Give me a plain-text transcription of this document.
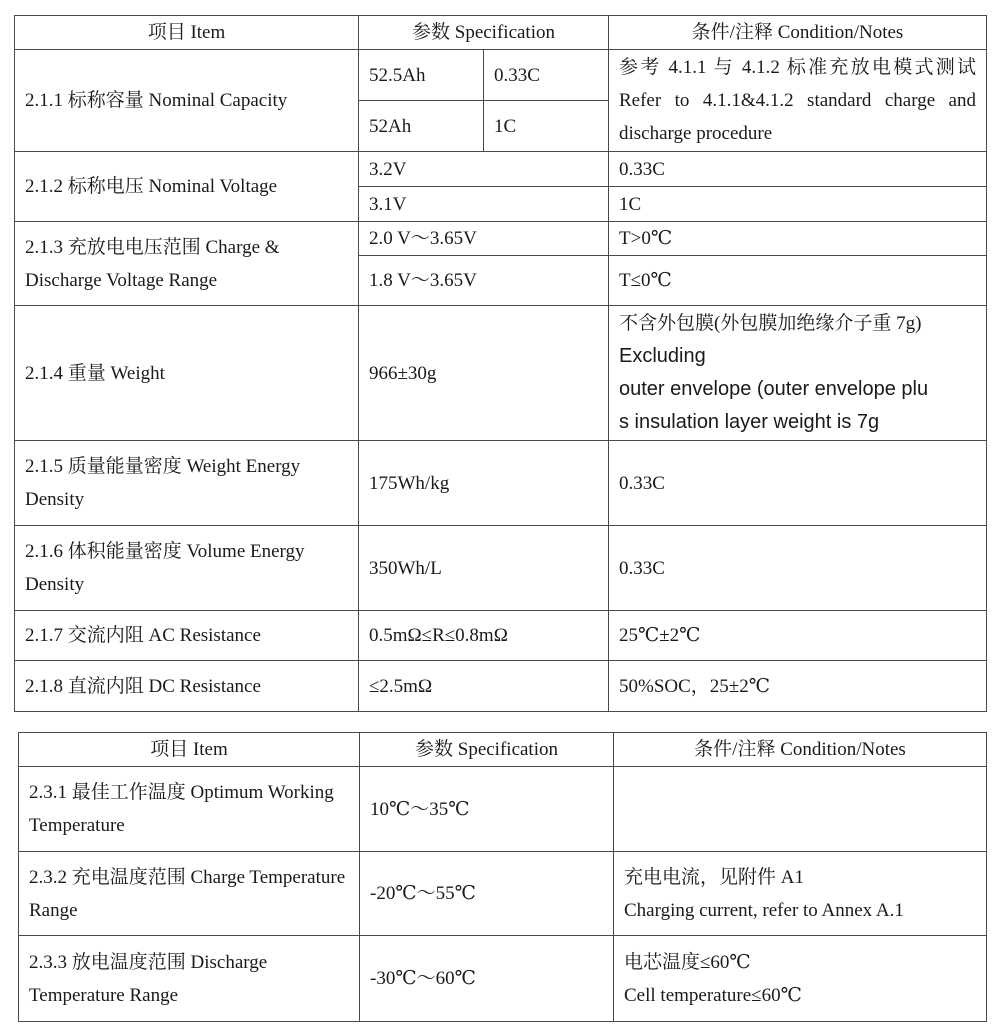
项目 Item	参数 Specification		条件/注释 Condition/Notes
2.1.1 标称容量 Nominal Capacity	52.5Ah	0.33C	参考 4.1.1 与 4.1.2 标准充放电模式测试 Refer to 4.1.1&4.1.2 standard charge and discharge procedure
	52Ah	1C	
2.1.2 标称电压 Nominal Voltage	3.2V		0.33C
	3.1V		1C
2.1.3 充放电电压范围 Charge & Discharge Voltage Range	2.0 V～3.65V		T>0℃
	1.8 V～3.65V		T≤0℃
2.1.4 重量 Weight	966±30g		不含外包膜(外包膜加绝缘介子重 7g)
Excluding
outer envelope (outer envelope plu
s insulation layer weight is 7g

2.1.5 质量能量密度 Weight Energy Density	175Wh/kg		0.33C
2.1.6 体积能量密度 Volume Energy Density	350Wh/L		0.33C
2.1.7 交流内阻 AC Resistance	0.5mΩ≤R≤0.8mΩ		25℃±2℃
2.1.8 直流内阻 DC Resistance	≤2.5mΩ		50%SOC，25±2℃
项目 Item	参数 Specification	条件/注释 Condition/Notes
2.3.1 最佳工作温度 Optimum Working Temperature	10℃～35℃	
2.3.2 充电温度范围 Charge Temperature Range	-20℃～55℃	充电电流，见附件 A1
Charging current, refer to Annex A.1

2.3.3 放电温度范围 Discharge Temperature Range	-30℃～60℃	电芯温度≤60℃
Cell temperature≤60℃
